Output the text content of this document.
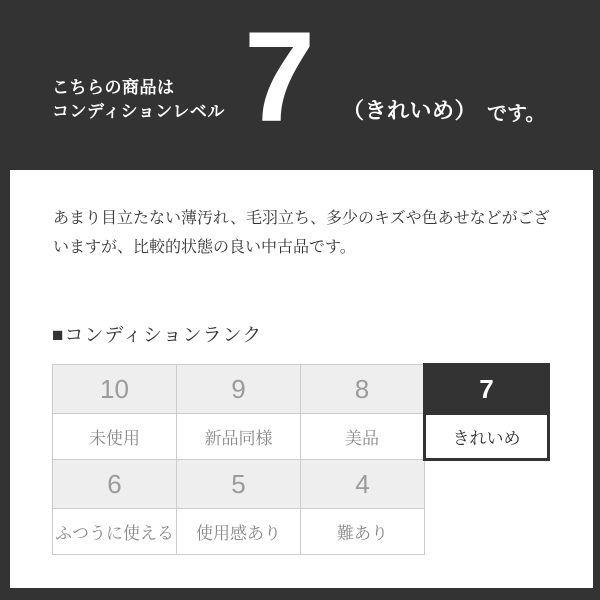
こちらの商品は
コンディションレベル 7 （きれいめ） です。

あまり目立たない薄汚れ、毛羽立ち、多少のキズや色あせなどがございますが、比較的状態の良い中古品です。

■コンディションランク
10	9	8	7
未使用	新品同様	美品	きれいめ
6	5	4	
ふつうに使える	使用感あり	難あり	
